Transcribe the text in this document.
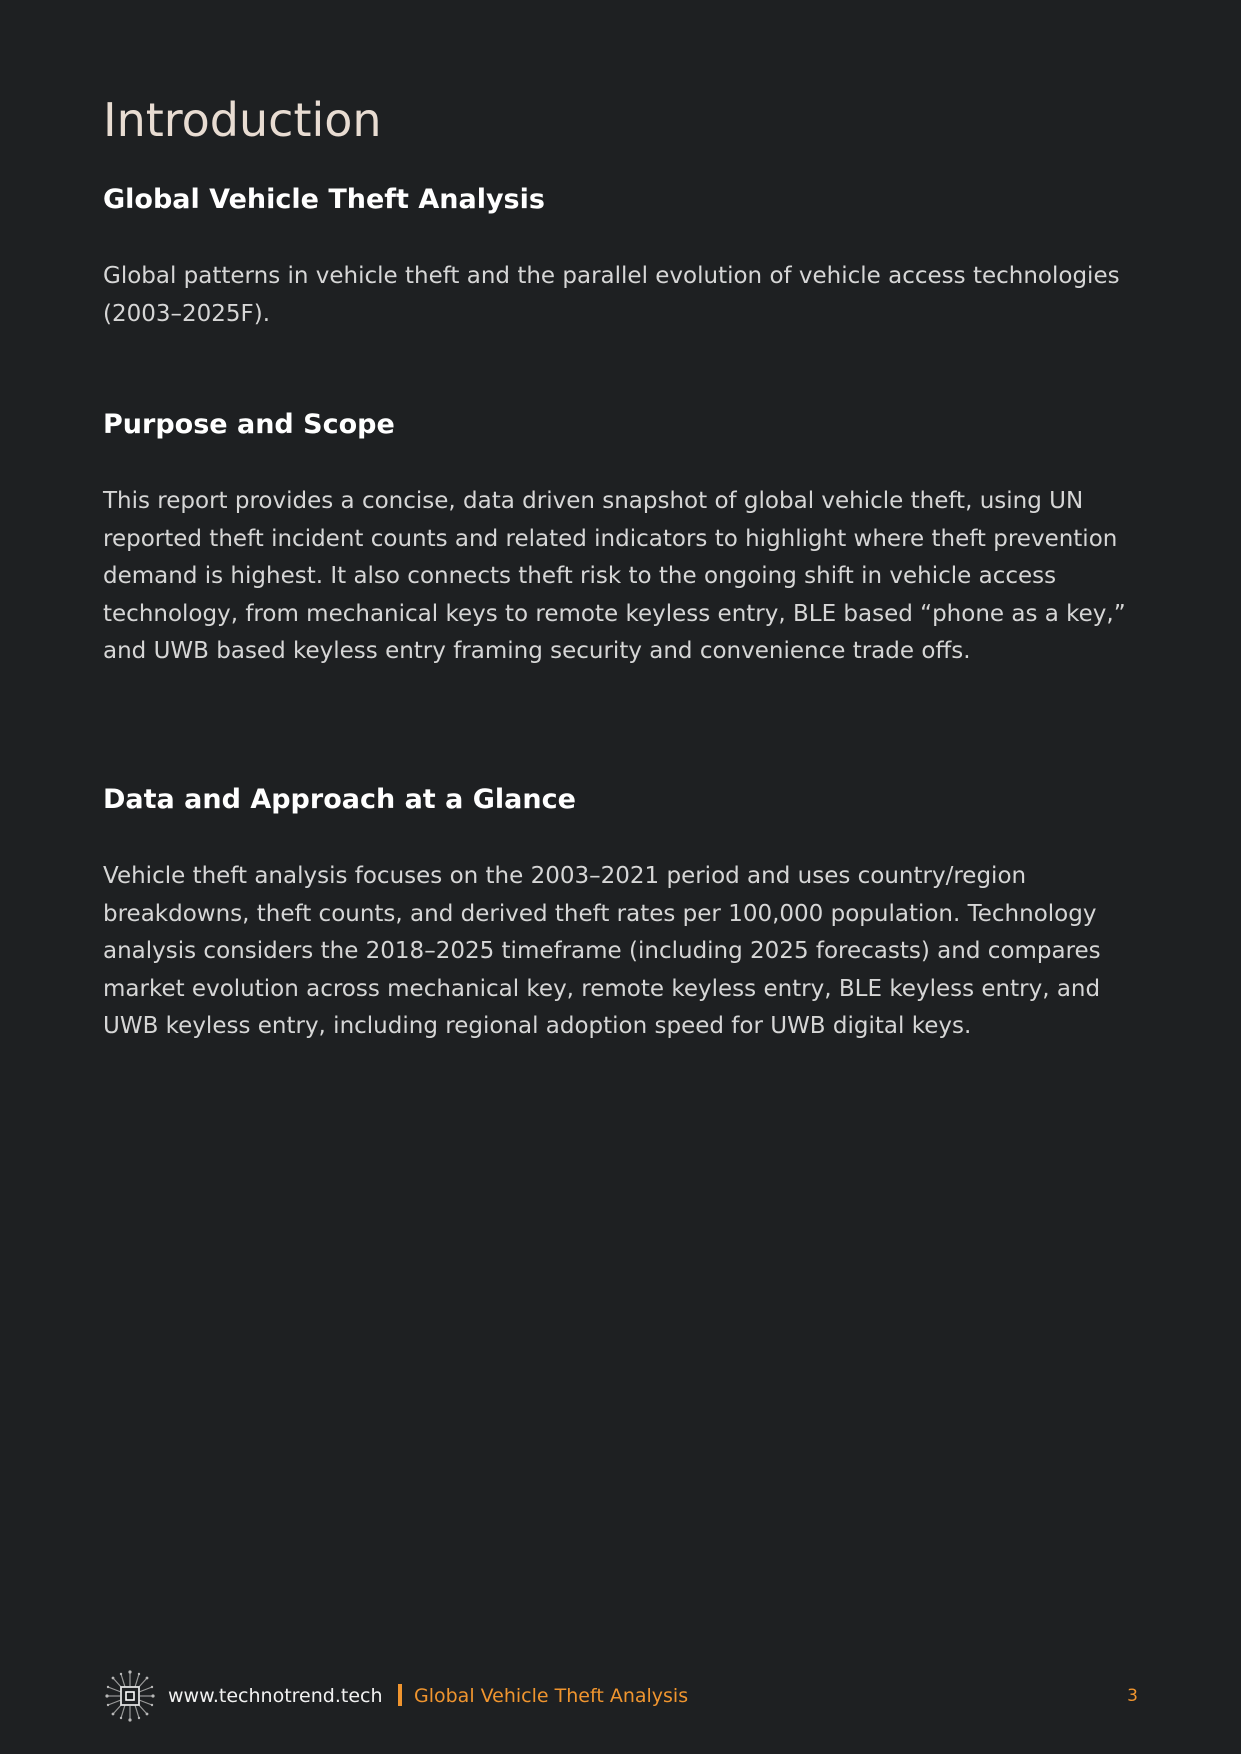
Introduction
Global Vehicle Theft Analysis

Global patterns in vehicle theft and the parallel evolution of vehicle access technologies (2003–2025F).

Purpose and Scope

This report provides a concise, data driven snapshot of global vehicle theft, using UN reported theft incident counts and related indicators to highlight where theft prevention demand is highest. It also connects theft risk to the ongoing shift in vehicle access technology, from mechanical keys to remote keyless entry, BLE based “phone as a key,” and UWB based keyless entry framing security and convenience trade offs.

Data and Approach at a Glance

Vehicle theft analysis focuses on the 2003–2021 period and uses country/region breakdowns, theft counts, and derived theft rates per 100,000 population. Technology analysis considers the 2018–2025 timeframe (including 2025 forecasts) and compares market evolution across mechanical key, remote keyless entry, BLE keyless entry, and UWB keyless entry, including regional adoption speed for UWB digital keys.

www.technotrend.tech Global Vehicle Theft Analysis	3
